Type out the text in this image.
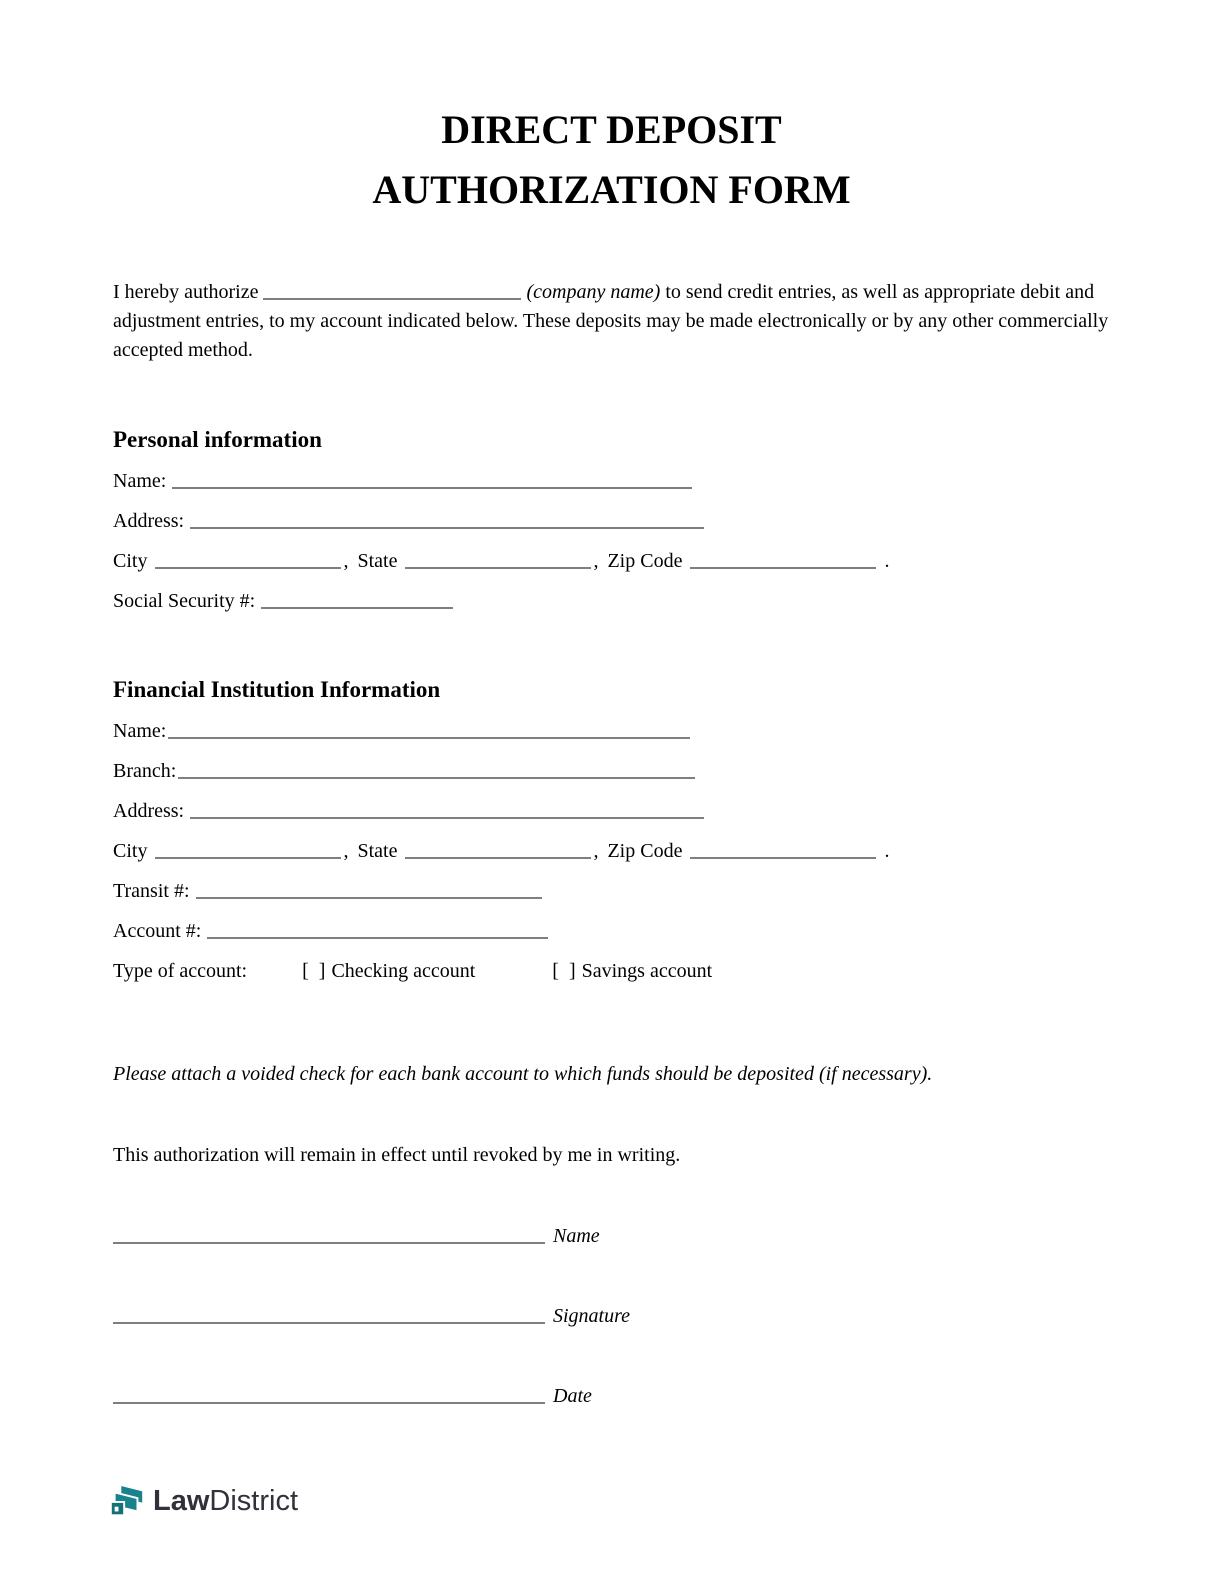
DIRECT DEPOSIT
AUTHORIZATION FORM

I hereby authorize	(company name) to send credit entries, as well as appropriate debit and adjustment entries, to my account indicated below. These deposits may be made electronically or by any other commercially accepted method.

Personal information
Name:
Address:
City	, State	, Zip Code	.
Social Security #:
Financial Institution Information
Name:
Branch:
Address:
City	, State	, Zip Code	.
Transit #:
Account #:
Type of account:	[  ] Checking account	[  ] Savings account
Please attach a voided check for each bank account to which funds should be deposited (if necessary).
This authorization will remain in effect until revoked by me in writing.
Name
Signature
Date
Law District
